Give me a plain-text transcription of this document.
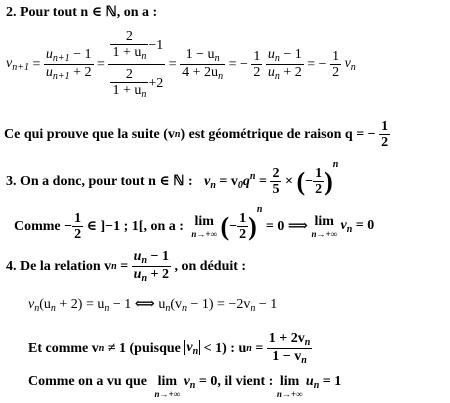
2. Pour tout n ∈ ℕ, on a :
$v_{n+1} = \frac{u_{n+1} - 1}{u_{n+1} + 2} = \frac{\frac{2}{1 + u_n} -1}{\frac{2}{1 + u_n} +2} = \frac{1 - u_n}{4 + 2u_n}$ = − $\frac{1}{2}$
$\frac{u_n - 1}{u_n + 2}$ = − $\frac{1}{2} v_n$
Ce qui prouve que la suite (vn) est géométrique de raison q = − $\frac{1}{2}$
3. On a donc, pour tout n ∈ ℕ : $v_n = v_0q^n = \frac{2}{5}$ × (− $\frac{1}{2} )^n$
Comme − $\frac{1}{2}$ ∈ ]−1 ; 1[, on a : lim
n→+∞ (− $\frac{1}{2} )^n = 0$ ⟹ lim
n→+∞
$v_n = 0$
4. De la relation vn = $\frac{u_n - 1}{u_n + 2}$ , on déduit :
$v_n(u_n + 2) = u_n - 1$ ⟺ $u_n(v_n - 1) = -2v_n - 1$
Et comme vn ≠ 1 (puisque $v_n < 1$) : un = $\frac{1 + 2v_n}{1 - v_n}$
Comme on a vu que lim
n→+∞
$v_n = 0$, il vient : lim
n→+∞
$u_n = 1$
